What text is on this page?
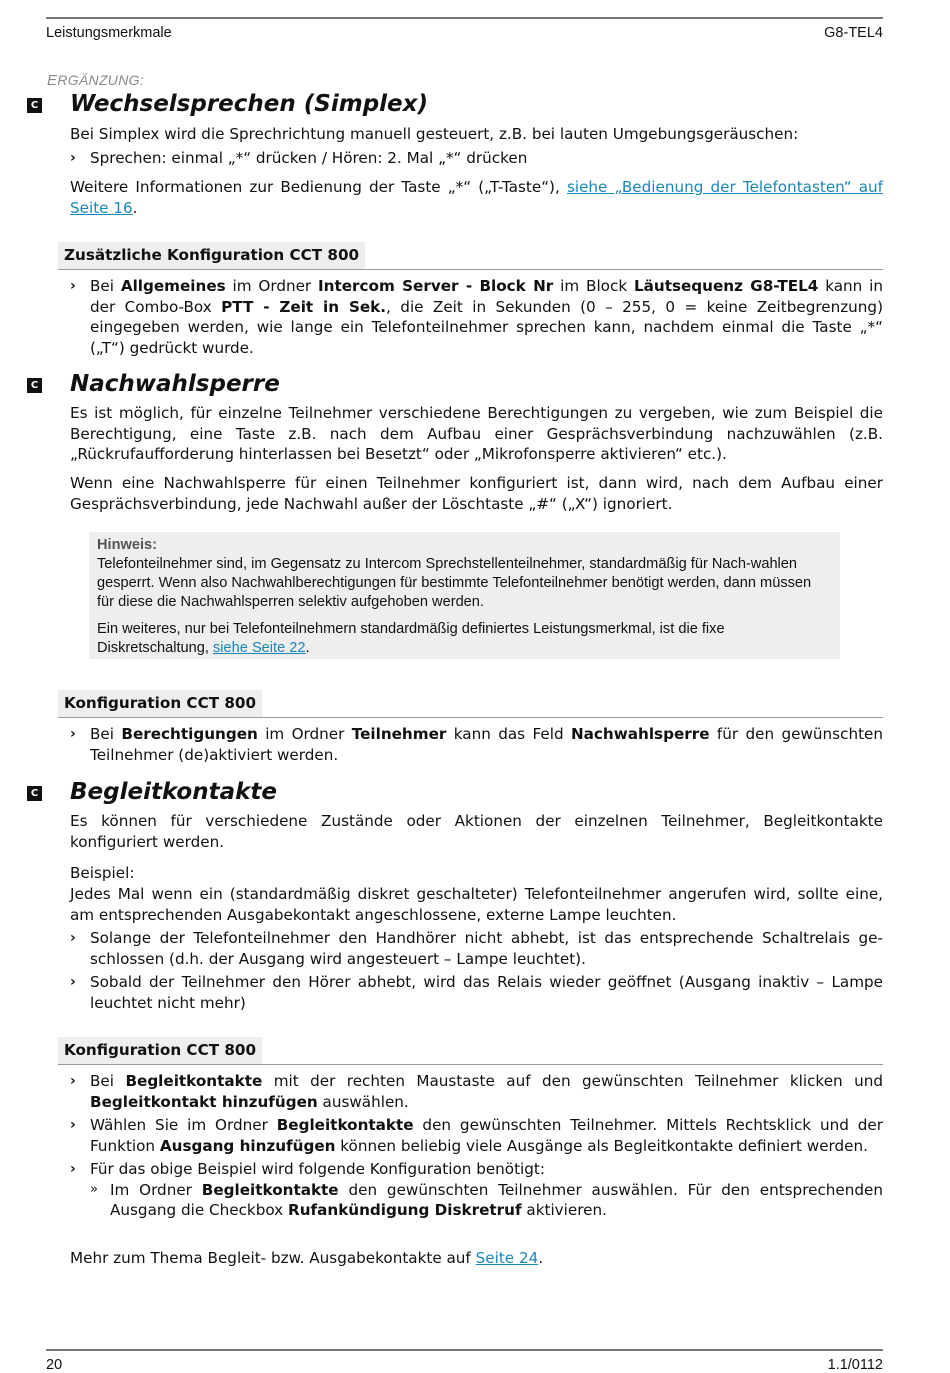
Leistungsmerkmale	G8-TEL4
ERGÄNZUNG:
C Wechselsprechen (Simplex)

Bei Simplex wird die Sprechrichtung manuell gesteuert, z.B. bei lauten Umgebungsgeräuschen:

› Sprechen: einmal „*“ drücken / Hören: 2. Mal „*“ drücken

Weitere Informationen zur Bedienung der Taste „*“ („T-Taste“), siehe „Bedienung der Telefontasten“ auf Seite 16.

Zusätzliche Konfiguration CCT 800
› Bei Allgemeines im Ordner Intercom Server - Block Nr im Block Läutsequenz G8-TEL4 kann in der Combo-Box PTT - Zeit in Sek., die Zeit in Sekunden (0 – 255, 0 = keine Zeitbegrenzung) eingegeben werden, wie lange ein Telefonteilnehmer sprechen kann, nachdem einmal die Taste „*“ („T“) gedrückt wurde.
C Nachwahlsperre

Es ist möglich, für einzelne Teilnehmer verschiedene Berechtigungen zu vergeben, wie zum Beispiel die Berechtigung, eine Taste z.B. nach dem Aufbau einer Gesprächsverbindung nachzuwählen (z.B. „Rückrufaufforderung hinterlassen bei Besetzt“ oder „Mikrofonsperre aktivieren“ etc.).

Wenn eine Nachwahlsperre für einen Teilnehmer konfiguriert ist, dann wird, nach dem Aufbau einer Gesprächsverbindung, jede Nachwahl außer der Löschtaste „#“ („X“) ignoriert.

Hinweis:

Telefonteilnehmer sind, im Gegensatz zu Intercom Sprechstellenteilnehmer, standardmäßig für Nach-wahlen gesperrt. Wenn also Nachwahlberechtigungen für bestimmte Telefonteilnehmer benötigt werden, dann müssen für diese die Nachwahlsperren selektiv aufgehoben werden.

Ein weiteres, nur bei Telefonteilnehmern standardmäßig definiertes Leistungsmerkmal, ist die fixe Diskretschaltung, siehe Seite 22.

Konfiguration CCT 800
› Bei Berechtigungen im Ordner Teilnehmer kann das Feld Nachwahlsperre für den gewünschten Teilnehmer (de)aktiviert werden.
C Begleitkontakte

Es können für verschiedene Zustände oder Aktionen der einzelnen Teilnehmer, Begleitkontakte konfiguriert werden.

Beispiel:

Jedes Mal wenn ein (standardmäßig diskret geschalteter) Telefonteilnehmer angerufen wird, sollte eine, am entsprechenden Ausgabekontakt angeschlossene, externe Lampe leuchten.

› Solange der Telefonteilnehmer den Handhörer nicht abhebt, ist das entsprechende Schaltrelais ge-schlossen (d.h. der Ausgang wird angesteuert – Lampe leuchtet).
› Sobald der Teilnehmer den Hörer abhebt, wird das Relais wieder geöffnet (Ausgang inaktiv – Lampe leuchtet nicht mehr)
Konfiguration CCT 800
› Bei Begleitkontakte mit der rechten Maustaste auf den gewünschten Teilnehmer klicken und Begleitkontakt hinzufügen auswählen.
› Wählen Sie im Ordner Begleitkontakte den gewünschten Teilnehmer. Mittels Rechtsklick und der Funktion Ausgang hinzufügen können beliebig viele Ausgänge als Begleitkontakte definiert werden.
› Für das obige Beispiel wird folgende Konfiguration benötigt:
» Im Ordner Begleitkontakte den gewünschten Teilnehmer auswählen. Für den entsprechenden Ausgang die Checkbox Rufankündigung Diskretruf aktivieren.

Mehr zum Thema Begleit- bzw. Ausgabekontakte auf Seite 24.

20	1.1/0112
